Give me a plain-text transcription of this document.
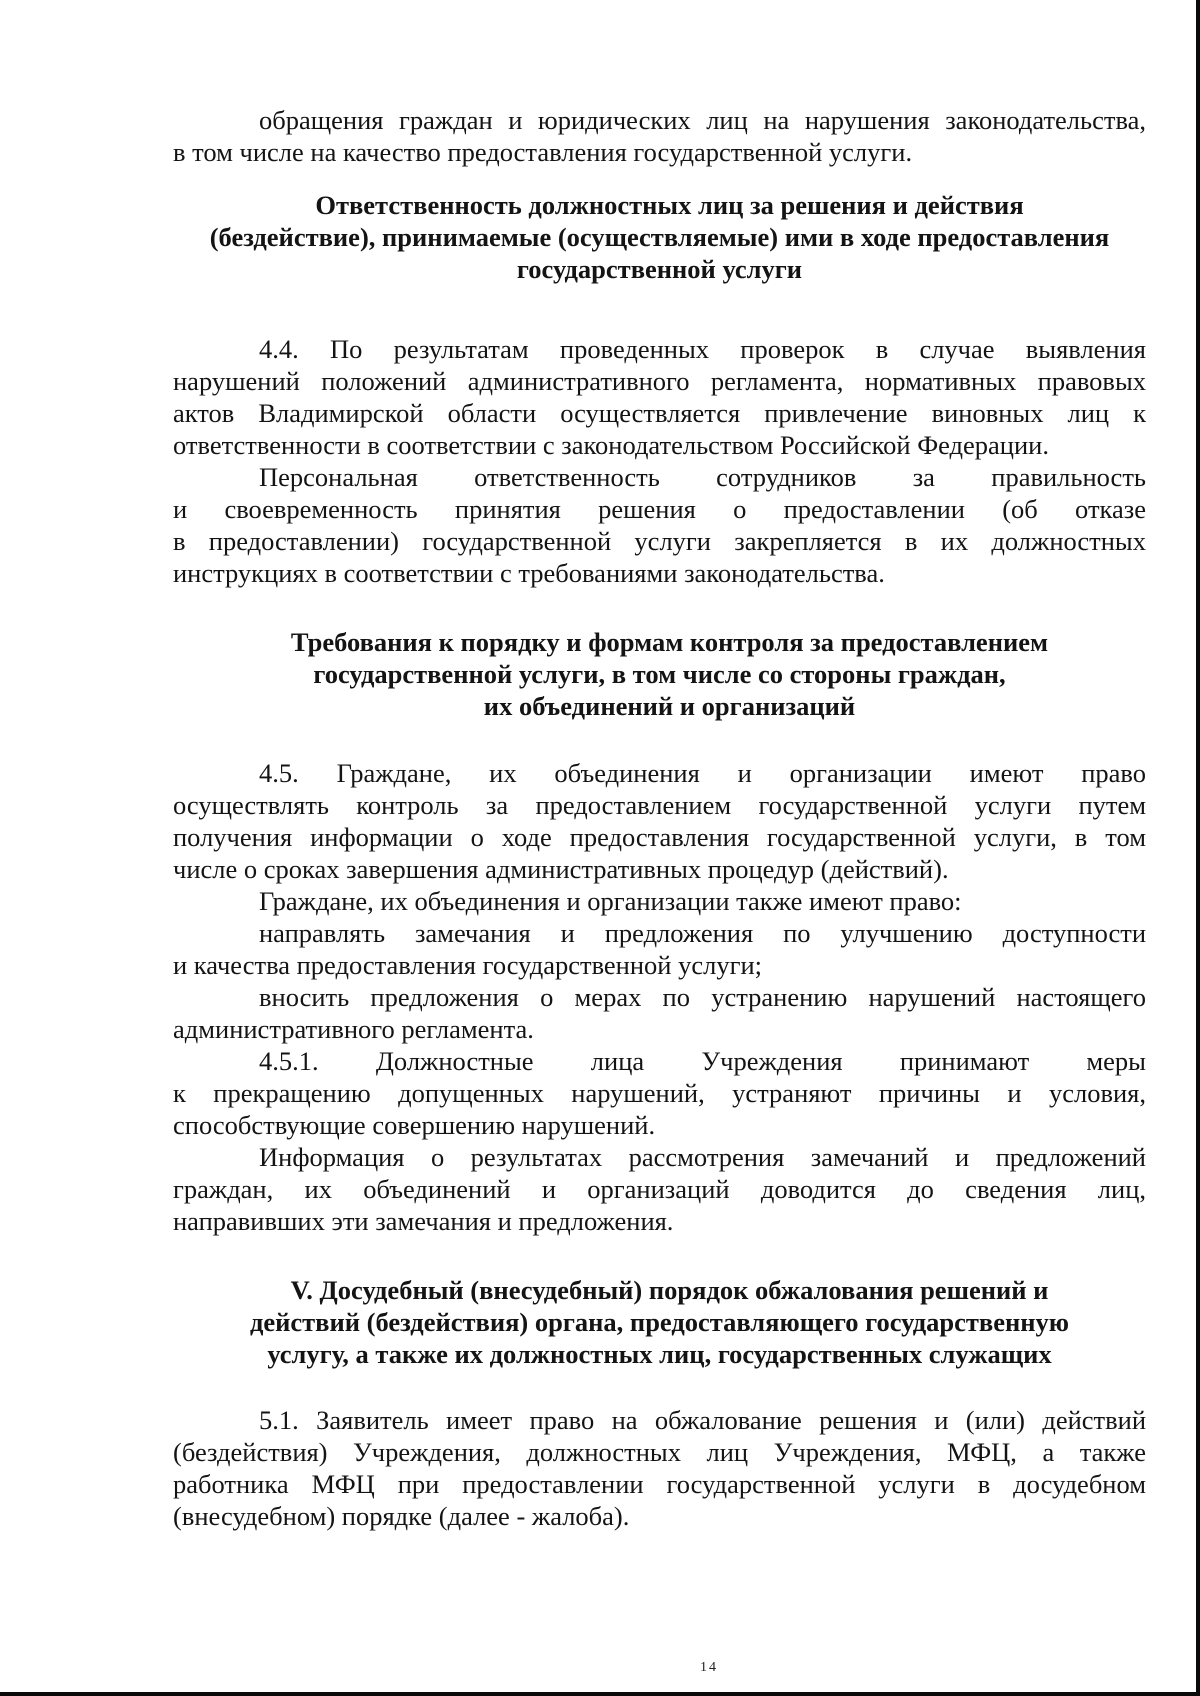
обращения граждан и юридических лиц на нарушения законодательства,
в том числе на качество предоставления государственной услуги.
Ответственность должностных лиц за решения и действия
(бездействие), принимаемые (осуществляемые) ими в ходе предоставления
государственной услуги
4.4. По результатам проведенных проверок в случае выявления
нарушений положений административного регламента, нормативных правовых
актов Владимирской области осуществляется привлечение виновных лиц к
ответственности в соответствии с законодательством Российской Федерации.
Персональная ответственность сотрудников за правильность
и своевременность принятия решения о предоставлении (об отказе
в предоставлении) государственной услуги закрепляется в их должностных
инструкциях в соответствии с требованиями законодательства.
Требования к порядку и формам контроля за предоставлением
государственной услуги, в том числе со стороны граждан,
их объединений и организаций
4.5. Граждане, их объединения и организации имеют право
осуществлять контроль за предоставлением государственной услуги путем
получения информации о ходе предоставления государственной услуги, в том
числе о сроках завершения административных процедур (действий).
Граждане, их объединения и организации также имеют право:
направлять замечания и предложения по улучшению доступности
и качества предоставления государственной услуги;
вносить предложения о мерах по устранению нарушений настоящего
административного регламента.
4.5.1. Должностные лица Учреждения принимают меры
к прекращению допущенных нарушений, устраняют причины и условия,
способствующие совершению нарушений.
Информация о результатах рассмотрения замечаний и предложений
граждан, их объединений и организаций доводится до сведения лиц,
направивших эти замечания и предложения.
V. Досудебный (внесудебный) порядок обжалования решений и
действий (бездействия) органа, предоставляющего государственную
услугу, а также их должностных лиц, государственных служащих
5.1. Заявитель имеет право на обжалование решения и (или) действий
(бездействия) Учреждения, должностных лиц Учреждения, МФЦ, а также
работника МФЦ при предоставлении государственной услуги в досудебном
(внесудебном) порядке (далее - жалоба).
14
